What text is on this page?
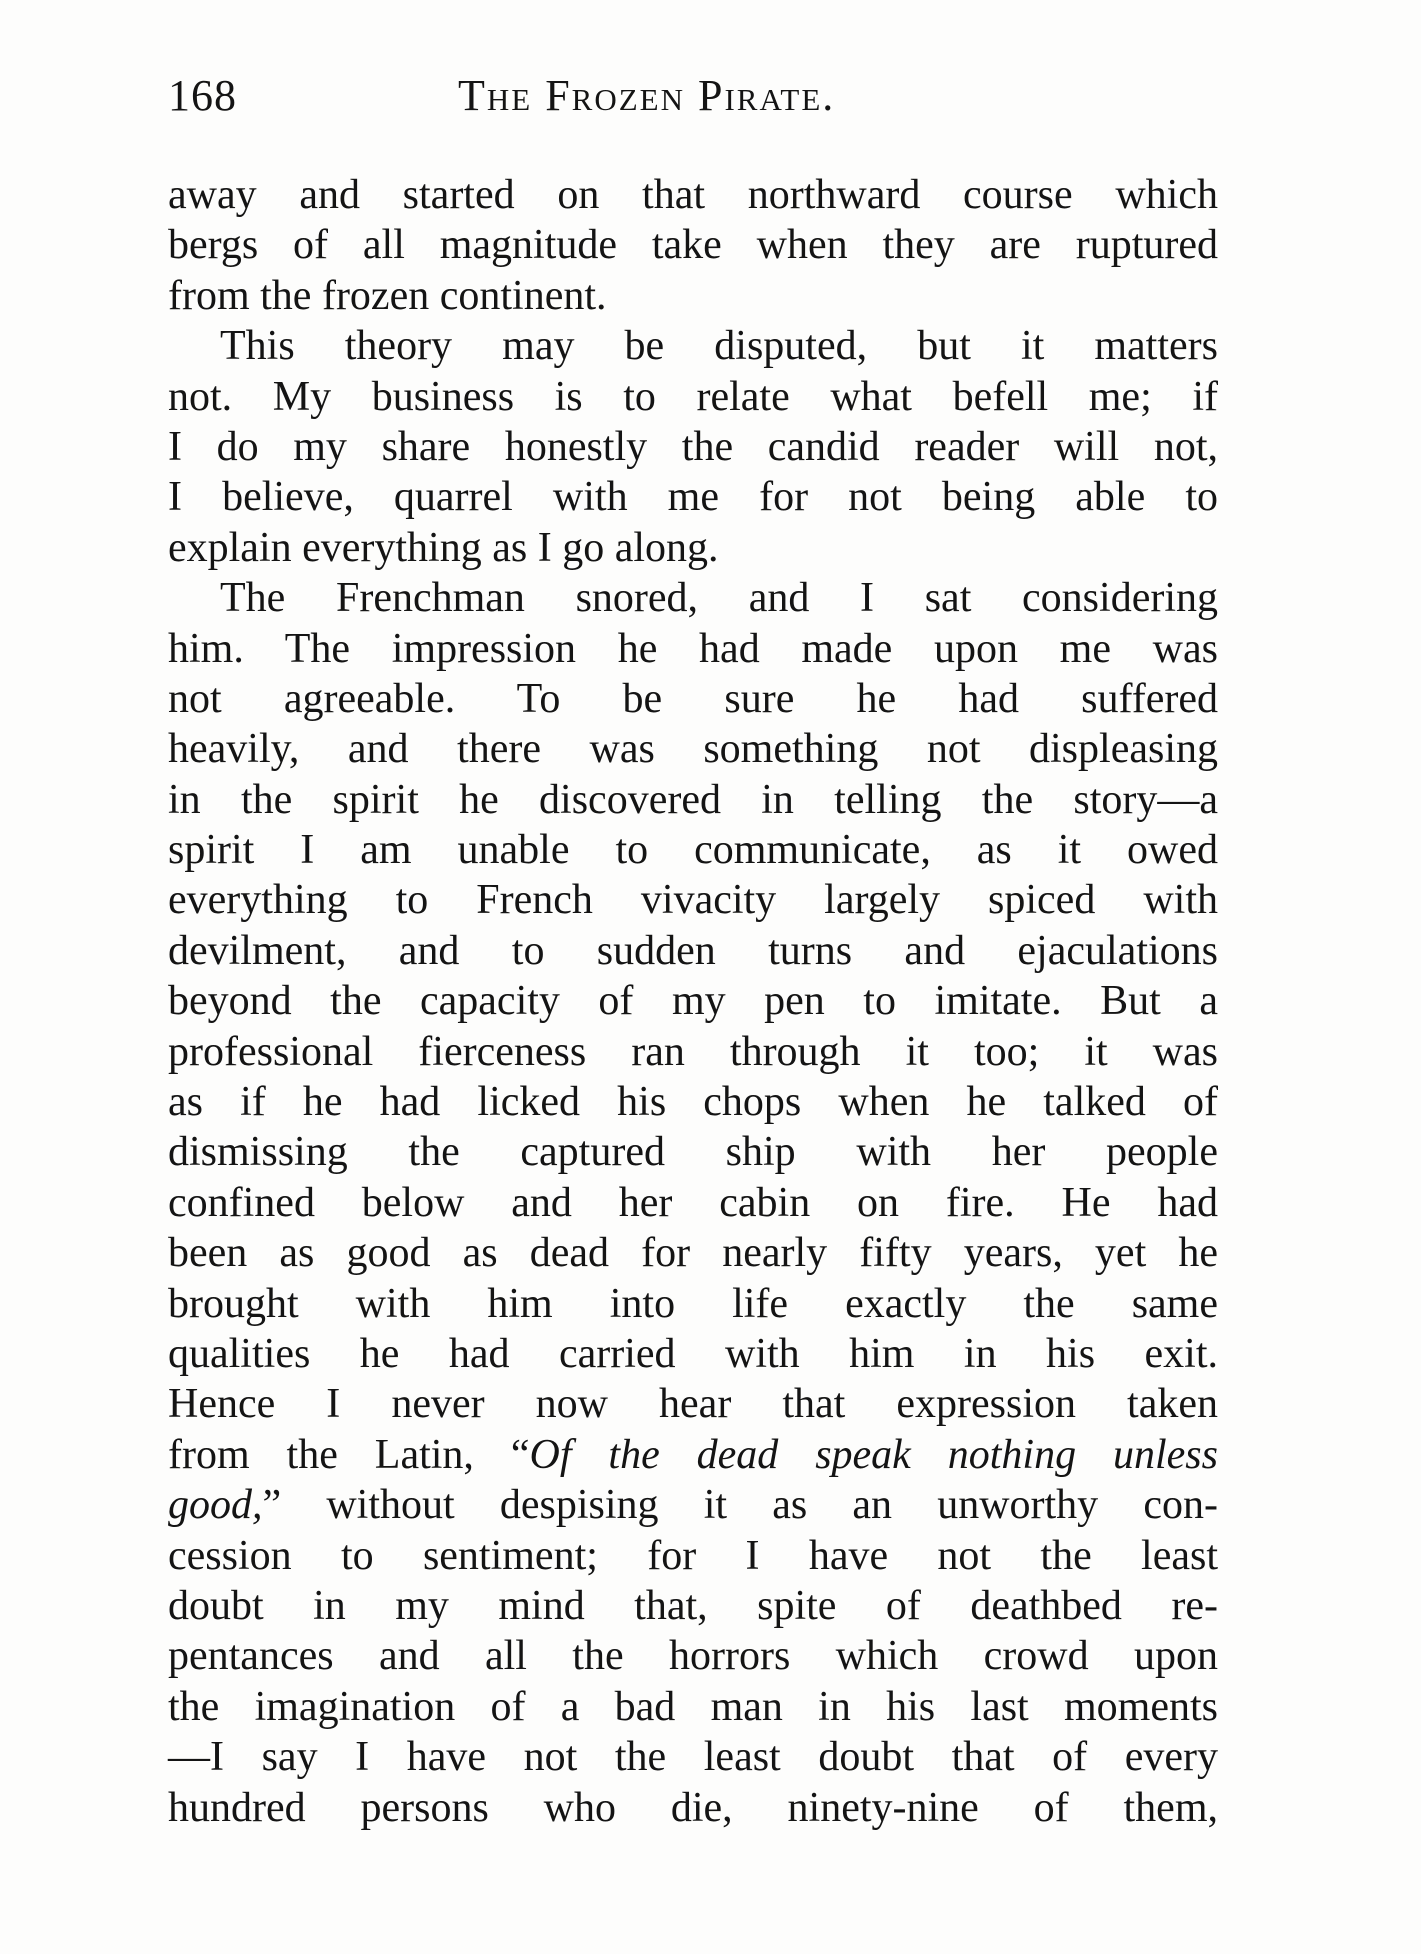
168	The Frozen Pirate.
away and started on that northward course which
bergs of all magnitude take when they are ruptured
from the frozen continent.
This theory may be disputed, but it matters
not. My business is to relate what befell me; if
I do my share honestly the candid reader will not,
I believe, quarrel with me for not being able to
explain everything as I go along.
The Frenchman snored, and I sat considering
him. The impression he had made upon me was
not agreeable. To be sure he had suffered
heavily, and there was something not displeasing
in the spirit he discovered in telling the story—a
spirit I am unable to communicate, as it owed
everything to French vivacity largely spiced with
devilment, and to sudden turns and ejaculations
beyond the capacity of my pen to imitate. But a
professional fierceness ran through it too; it was
as if he had licked his chops when he talked of
dismissing the captured ship with her people
confined below and her cabin on fire. He had
been as good as dead for nearly fifty years, yet he
brought with him into life exactly the same
qualities he had carried with him in his exit.
Hence I never now hear that expression taken
from the Latin, “Of the dead speak nothing unless
good,” without despising it as an unworthy con-
cession to sentiment; for I have not the least
doubt in my mind that, spite of deathbed re-
pentances and all the horrors which crowd upon
the imagination of a bad man in his last moments
—I say I have not the least doubt that of every
hundred persons who die, ninety-nine of them,
